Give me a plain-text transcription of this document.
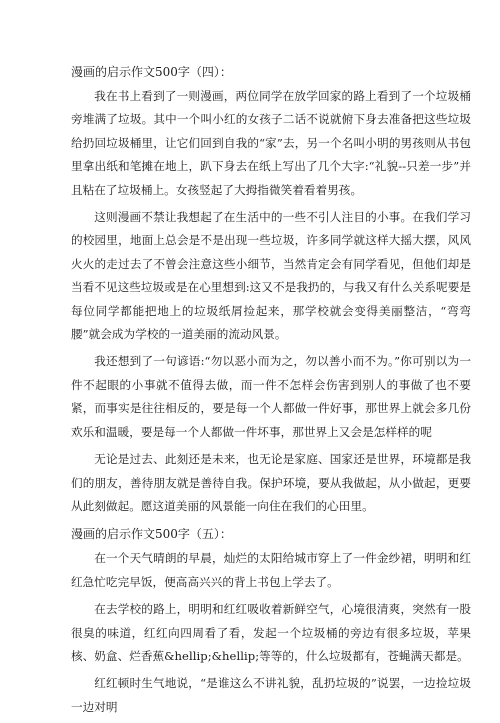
漫画的启示作文500字（四）：

我在书上看到了一则漫画，两位同学在放学回家的路上看到了一个垃圾桶旁堆满了垃圾。其中一个叫小红的女孩子二话不说就俯下身去准备把这些垃圾给扔回垃圾桶里，让它们回到自我的“家”去，另一个名叫小明的男孩则从书包里拿出纸和笔摊在地上，趴下身去在纸上写出了几个大字:“礼貌--只差一步”并且粘在了垃圾桶上。女孩竖起了大拇指微笑着看着男孩。

这则漫画不禁让我想起了在生活中的一些不引人注目的小事。在我们学习的校园里，地面上总会是不是出现一些垃圾，许多同学就这样大摇大摆，风风火火的走过去了不曾会注意这些小细节，当然肯定会有同学看见，但他们却是当看不见这些垃圾或是在心里想到:这又不是我扔的，与我又有什么关系呢要是每位同学都能把地上的垃圾纸屑捡起来，那学校就会变得美丽整洁，“弯弯腰”就会成为学校的一道美丽的流动风景。

我还想到了一句谚语:“勿以恶小而为之，勿以善小而不为。”你可别以为一件不起眼的小事就不值得去做，而一件不怎样会伤害到别人的事做了也不要紧，而事实是往往相反的，要是每一个人都做一件好事，那世界上就会多几份欢乐和温暖，要是每一个人都做一件坏事，那世界上又会是怎样样的呢

无论是过去、此刻还是未来，也无论是家庭、国家还是世界，环境都是我们的朋友，善待朋友就是善待自我。保护环境，要从我做起，从小做起，更要从此刻做起。愿这道美丽的风景能一向住在我们的心田里。

漫画的启示作文500字（五）：

在一个天气晴朗的早晨，灿烂的太阳给城市穿上了一件金纱裙，明明和红红急忙吃完早饭，便高高兴兴的背上书包上学去了。

在去学校的路上，明明和红红吸收着新鲜空气，心境很清爽，突然有一股很臭的味道，红红向四周看了看，发起一个垃圾桶的旁边有很多垃圾，苹果核、奶盒、烂香蕉&hellip;&hellip;等等的，什么垃圾都有，苍蝇满天都是。

红红顿时生气地说，“是谁这么不讲礼貌，乱扔垃圾的”说罢，一边捡垃圾一边对明
